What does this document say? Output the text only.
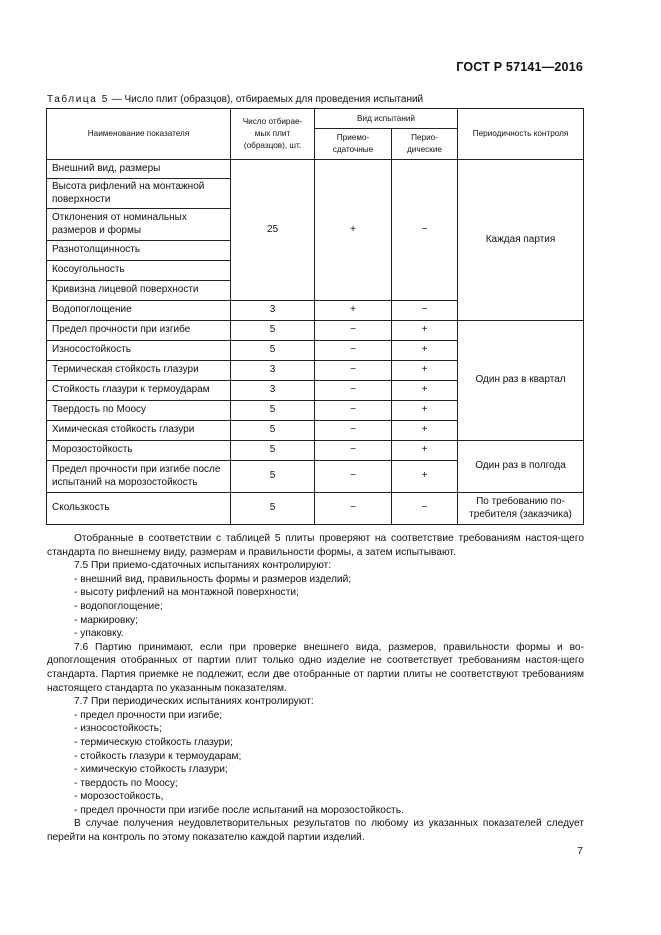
ГОСТ Р 57141—2016
Таблица 5 — Число плит (образцов), отбираемых для проведения испытаний
Наименование показателя	Число отбирае-мых плит (образцов), шт.	Вид испытаний		Периодичность контроля
		Приемо-сдаточные	Перио-дические	
Внешний вид, размеры	25	+	−	Каждая партия
Высота рифлений на монтажной поверхности				
Отклонения от номинальных размеров и формы				
Разнотолщинность				
Косоугольность				
Кривизна лицевой поверхности				
Водопоглощение	3	+	−	
Предел прочности при изгибе	5	−	+	Один раз в квартал
Износостойкость	5	−	+	
Термическая стойкость глазури	3	−	+	
Стойкость глазури к термоударам	3	−	+	
Твердость по Моосу	5	−	+	
Химическая стойкость глазури	5	−	+	
Морозостойкость	5	−	+	Один раз в полгода
Предел прочности при изгибе после испытаний на морозостойкость	5	−	+	
Скользкость	5	−	−	По требованию по-требителя (заказчика)

Отобранные в соответствии с таблицей 5 плиты проверяют на соответствие требованиям настоя-щего стандарта по внешнему виду, размерам и правильности формы, а затем испытывают.

7.5 При приемо-сдаточных испытаниях контролируют:

- внешний вид, правильность формы и размеров изделий;

- высоту рифлений на монтажной поверхности;

- водопоглощение;

- маркировку;

- упаковку.

7.6 Партию принимают, если при проверке внешнего вида, размеров, правильности формы и во-допоглощения отобранных от партии плит только одно изделие не соответствует требованиям настоя-щего стандарта. Партия приемке не подлежит, если две отобранные от партии плиты не соответствуют требованиям настоящего стандарта по указанным показателям.

7.7 При периодических испытаниях контролируют:

- предел прочности при изгибе;

- износостойкость;

- термическую стойкость глазури;

- стойкость глазури к термоударам;

- химическую стойкость глазури;

- твердость по Моосу;

- морозостойкость,

- предел прочности при изгибе после испытаний на морозостойкость.

В случае получения неудовлетворительных результатов по любому из указанных показателей следует перейти на контроль по этому показателю каждой партии изделий.

7
